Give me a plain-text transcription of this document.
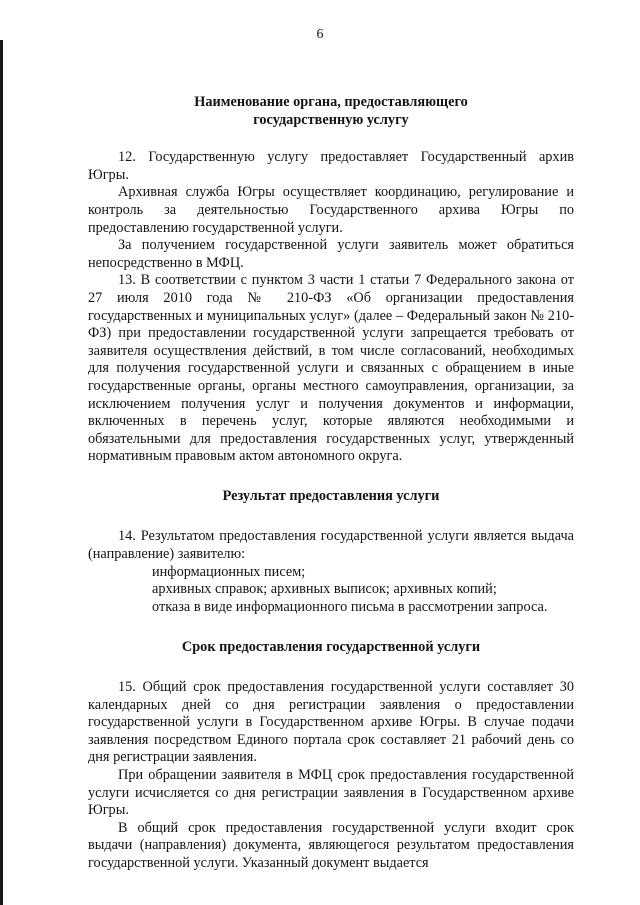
6
Наименование органа, предоставляющего
государственную услугу

12. Государственную услугу предоставляет Государственный архив Югры.

Архивная служба Югры осуществляет координацию, регулирование и контроль за деятельностью Государственного архива Югры по предоставлению государственной услуги.

За получением государственной услуги заявитель может обратиться непосредственно в МФЦ.

13. В соответствии с пунктом 3 части 1 статьи 7 Федерального закона от 27 июля 2010 года № 210-ФЗ «Об организации предоставления государственных и муниципальных услуг» (далее – Федеральный закон № 210-ФЗ) при предоставлении государственной услуги запрещается требовать от заявителя осуществления действий, в том числе согласований, необходимых для получения государственной услуги и связанных с обращением в иные государственные органы, органы местного самоуправления, организации, за исключением получения услуг и получения документов и информации, включенных в перечень услуг, которые являются необходимыми и обязательными для предоставления государственных услуг, утвержденный нормативным правовым актом автономного округа.

Результат предоставления услуги

14. Результатом предоставления государственной услуги является выдача (направление) заявителю:

информационных писем;

архивных справок; архивных выписок; архивных копий;

отказа в виде информационного письма в рассмотрении запроса.

Срок предоставления государственной услуги

15. Общий срок предоставления государственной услуги составляет 30 календарных дней со дня регистрации заявления о предоставлении государственной услуги в Государственном архиве Югры. В случае подачи заявления посредством Единого портала срок составляет 21 рабочий день со дня регистрации заявления.

При обращении заявителя в МФЦ срок предоставления государственной услуги исчисляется со дня регистрации заявления в Государственном архиве Югры.

В общий срок предоставления государственной услуги входит срок выдачи (направления) документа, являющегося результатом предоставления государственной услуги. Указанный документ выдается
